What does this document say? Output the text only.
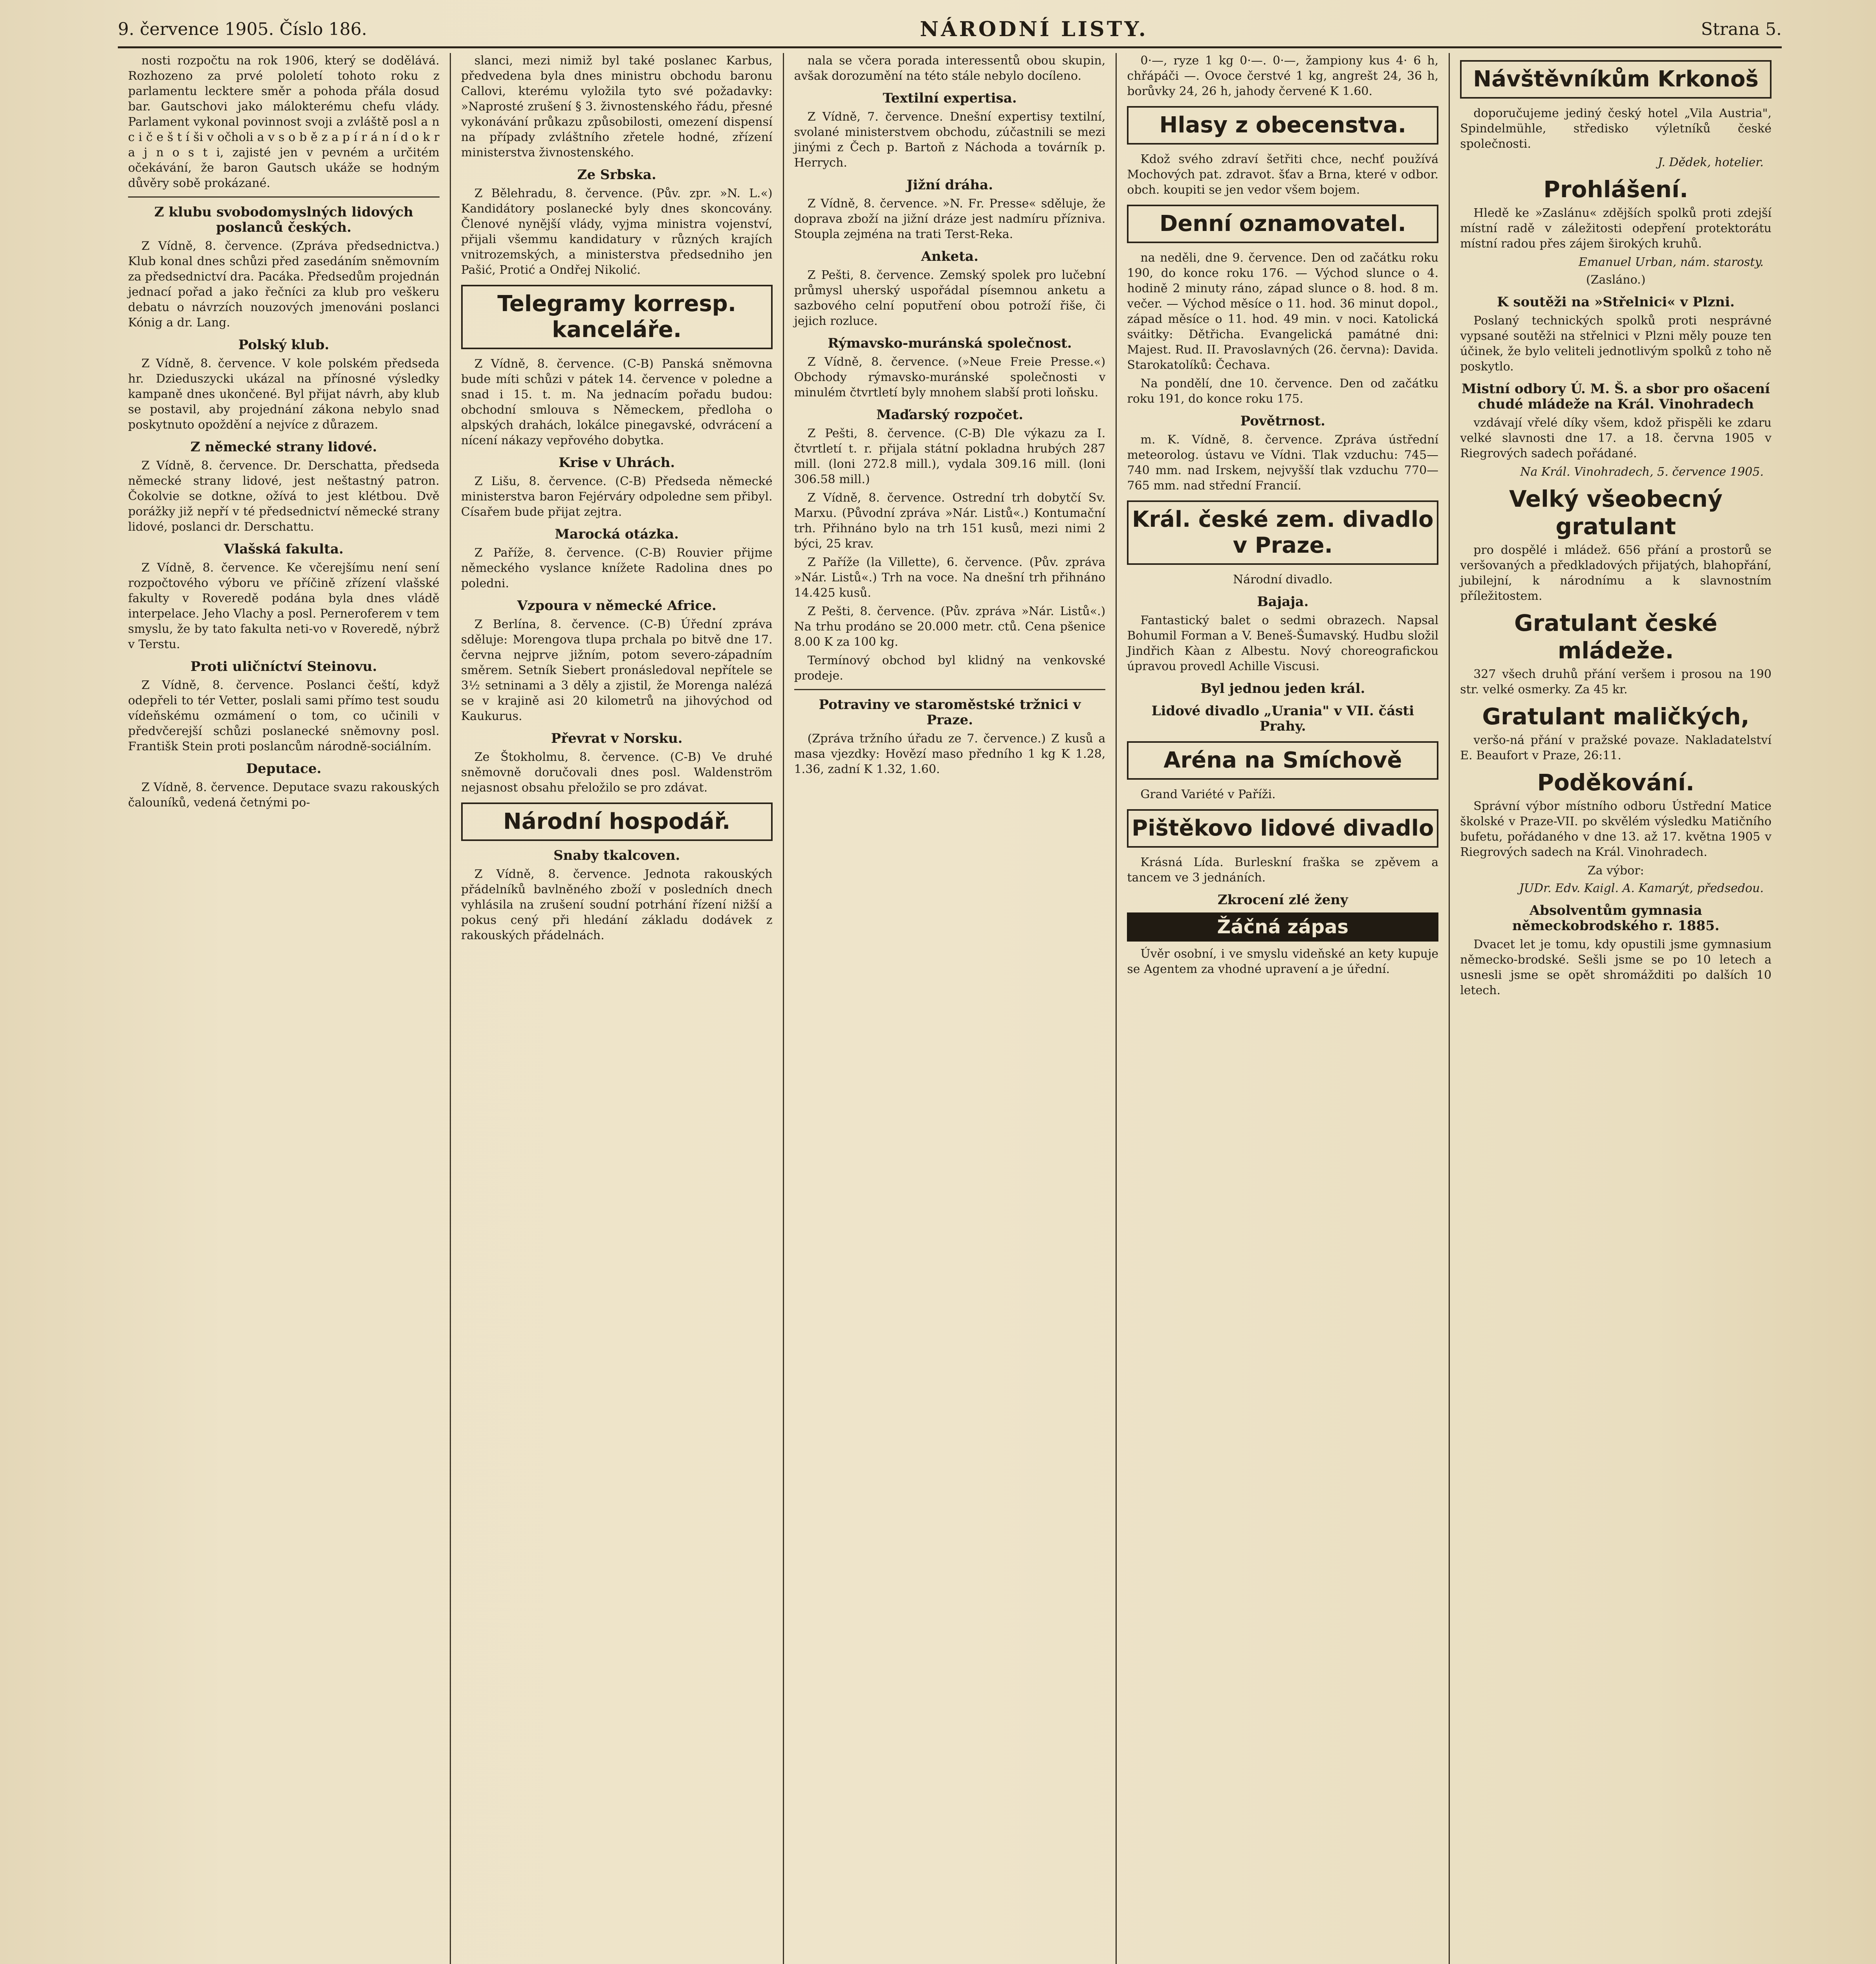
9. července 1905. Číslo 186.	NÁRODNÍ LISTY.	Strana 5.

nosti rozpočtu na rok 1906, který se dodělává. Rozhozeno za prvé pololetí tohoto roku z parlamentu lecktere směr a pohoda přála dosud bar. Gautschovi jako málokterému chefu vlády. Parlament vykonal povinnost svoji a zvláště posl a n c i č e š t í ši v očholi a v s o b ě z a p í r á n í d o k r a j n o s t i, zajisté jen v pevném a určitém očekávání, že baron Gautsch ukáže se hodným důvěry sobě prokázané.

Z klubu svobodomyslných lidových poslanců českých.

Z Vídně, 8. července. (Zpráva předsednictva.) Klub konal dnes schůzi před zasedáním sněmovním za předsednictví dra. Pacáka. Předsedům projednán jednací pořad a jako řečníci za klub pro veškeru debatu o návrzích nouzových jmenováni poslanci Kónig a dr. Lang.

Polský klub.

Z Vídně, 8. července. V kole polském předseda hr. Dzieduszycki ukázal na přínosné výsledky kampaně dnes ukončené. Byl přijat návrh, aby klub se postavil, aby projednání zákona nebylo snad poskytnuto opoždění a nejvíce z důrazem.

Z německé strany lidové.

Z Vídně, 8. července. Dr. Derschatta, předseda německé strany lidové, jest neštastný patron. Čokolvie se dotkne, ožívá to jest klétbou. Dvě porážky již nepří v té předsednictví německé strany lidové, poslanci dr. Derschattu.

Vlašská fakulta.

Z Vídně, 8. července. Ke včerejšímu není sení rozpočtového výboru ve příčině zřízení vlašské fakulty v Roveredě podána byla dnes vládě interpelace. Jeho Vlachy a posl. Perneroferem v tem smyslu, že by tato fakulta neti-vo v Roveredě, nýbrž v Terstu.

Proti uličníctví Steinovu.

Z Vídně, 8. července. Poslanci čeští, když odepřeli to tér Vetter, poslali sami přímo test soudu vídeňskému ozmámení o tom, co učinili v předvčerejší schůzi poslanecké sněmovny posl. Františk Stein proti poslancům národně-sociálním.

Deputace.

Z Vídně, 8. července. Deputace svazu rakouských čalouníků, vedená četnými po-

slanci, mezi nimiž byl také poslanec Karbus, předvedena byla dnes ministru obchodu baronu Callovi, kterému vyložila tyto své požadavky: »Naprosté zrušení § 3. živnostenského řádu, přesné vykonávání průkazu způsobilosti, omezení dispensí na případy zvláštního zřetele hodné, zřízení ministerstva živnostenského.

Ze Srbska.

Z Bělehradu, 8. července. (Pův. zpr. »N. L.«) Kandidátory poslanecké byly dnes skoncovány. Členové nynější vlády, vyjma ministra vojenství, přijali všemmu kandidatury v různých krajích vnitrozemských, a ministerstva předsedniho jen Pašić, Protić a Ondřej Nikolić.

Telegramy korresp. kanceláře.

Z Vídně, 8. července. (C-B) Panská sněmovna bude míti schůzi v pátek 14. července v poledne a snad i 15. t. m. Na jednacím pořadu budou: obchodní smlouva s Německem, předloha o alpských drahách, lokálce pinegavské, odvrácení a nícení nákazy vepřového dobytka.

Krise v Uhrách.

Z Lišu, 8. července. (C-B) Předseda německé ministerstva baron Fejérváry odpoledne sem přibyl. Císařem bude přijat zejtra.

Marocká otázka.

Z Paříže, 8. července. (C-B) Rouvier přijme německého vyslance knížete Radolina dnes po poledni.

Vzpoura v německé Africe.

Z Berlína, 8. července. (C-B) Úřední zpráva sděluje: Morengova tlupa prchala po bitvě dne 17. června nejprve jižním, potom severo-západním směrem. Setník Siebert pronásledoval nepřítele se 3½ setninami a 3 děly a zjistil, že Morenga nalézá se v krajině asi 20 kilometrů na jihovýchod od Kaukurus.

Převrat v Norsku.

Ze Štokholmu, 8. července. (C-B) Ve druhé sněmovně doručovali dnes posl. Waldenström nejasnost obsahu přeložilo se pro zdávat.

Národní hospodář.
Snaby tkalcoven.

Z Vídně, 8. července. Jednota rakouských přádelníků bavlněného zboží v posledních dnech vyhlásila na zrušení soudní potrhání řízení nižší a pokus cený při hledání základu dodávek z rakouských přádelnách.

nala se včera porada interessentů obou skupin, avšak dorozumění na této stále nebylo docíleno.

Textilní expertisa.

Z Vídně, 7. července. Dnešní expertisy textilní, svolané ministerstvem obchodu, zúčastnili se mezi jinými z Čech p. Bartoň z Náchoda a továrník p. Herrych.

Jižní dráha.

Z Vídně, 8. července. »N. Fr. Presse« sděluje, že doprava zboží na jižní dráze jest nadmíru přízniva. Stoupla zejména na trati Terst-Reka.

Anketa.

Z Pešti, 8. července. Zemský spolek pro lučební průmysl uherský uspořádal písemnou anketu a sazbového celní poputření obou potroží řiše, či jejich rozluce.

Rýmavsko-muránská společnost.

Z Vídně, 8. července. (»Neue Freie Presse.«) Obchody rýmavsko-muránské společnosti v minulém čtvrtletí byly mnohem slabší proti loňsku.

Maďarský rozpočet.

Z Pešti, 8. července. (C-B) Dle výkazu za I. čtvrtletí t. r. přijala státní pokladna hrubých 287 mill. (loni 272.8 mill.), vydala 309.16 mill. (loni 306.58 mill.)

Z Vídně, 8. července. Ostrední trh dobytčí Sv. Marxu. (Původní zpráva »Nár. Listů«.) Kontumační trh. Přihnáno bylo na trh 151 kusů, mezi nimi 2 býci, 25 krav.

Z Paříže (la Villette), 6. července. (Pův. zpráva »Nár. Listů«.) Trh na voce. Na dnešní trh přihnáno 14.425 kusů.

Z Pešti, 8. července. (Pův. zpráva »Nár. Listů«.) Na trhu prodáno se 20.000 metr. ctů. Cena pšenice 8.00 K za 100 kg.

Termínový obchod byl klidný na venkovské prodeje.

Potraviny ve staroměstské tržnici v Praze.

(Zpráva tržního úřadu ze 7. července.) Z kusů a masa vjezdky: Hovězí maso předního 1 kg K 1.28, 1.36, zadní K 1.32, 1.60.

0·—, ryze 1 kg 0·—. 0·—, žampiony kus 4· 6 h, chřápáči —. Ovoce čerstvé 1 kg, angrešt 24, 36 h, borůvky 24, 26 h, jahody červené K 1.60.

Hlasy z obecenstva.

Kdož svého zdraví šetřiti chce, nechť používá Mochových pat. zdravot. šťav a Brna, které v odbor. obch. koupiti se jen vedor všem bojem.

Denní oznamovatel.

na neděli, dne 9. července. Den od začátku roku 190, do konce roku 176. — Východ slunce o 4. hodině 2 minuty ráno, západ slunce o 8. hod. 8 m. večer. — Východ měsíce o 11. hod. 36 minut dopol., západ měsíce o 11. hod. 49 min. v noci. Katolická sváitky: Dětřicha. Evangelická památné dni: Majest. Rud. II. Pravoslavných (26. června): Davida. Starokatolíků: Čechava.

Na pondělí, dne 10. července. Den od začátku roku 191, do konce roku 175.

Povětrnost.

m. K. Vídně, 8. července. Zpráva ústřední meteorolog. ústavu ve Vídni. Tlak vzduchu: 745—740 mm. nad Irskem, nejvyšší tlak vzduchu 770—765 mm. nad střední Francií.

Král. české zem. divadlo v Praze.
Národní divadlo.
Bajaja.

Fantastický balet o sedmi obrazech. Napsal Bohumil Forman a V. Beneš-Šumavský. Hudbu složil Jindřich Kàan z Albestu. Nový choreografickou úpravou provedl Achille Viscusi.

Byl jednou jeden král.
Lidové divadlo „Urania" v VII. části Prahy.
Aréna na Smíchově

Grand Variété v Paříži.

Pištěkovo lidové divadlo

Krásná Lída. Burleskní fraška se zpěvem a tancem ve 3 jednáních.

Zkrocení zlé ženy
Žáčná zápas

Úvěr osobní, i ve smyslu videňské an kety kupuje se Agentem za vhodné upravení a je úřední.

Návštěvníkům Krkonoš

doporučujeme jediný český hotel „Vila Austria", Spindelmühle, středisko výletníků české společnosti.

J. Dědek, hotelier.
Prohlášení.

Hledě ke »Zaslánu« zdějších spolků proti zdejší místní radě v záležitosti odepření protektorátu místní radou přes zájem širokých kruhů.

Emanuel Urban, nám. starosty.
(Zasláno.)
K soutěži na »Střelnici« v Plzni.

Poslaný technických spolků proti nesprávné vypsané soutěži na střelnici v Plzni měly pouze ten účinek, že bylo veliteli jednotlivým spolků z toho ně poskytlo.

Mistní odbory Ú. M. Š. a sbor pro ošacení chudé mládeže na Král. Vinohradech

vzdávají vřelé díky všem, kdož přispěli ke zdaru velké slavnosti dne 17. a 18. června 1905 v Riegrových sadech pořádané.

Na Král. Vinohradech, 5. července 1905.
Velký všeobecný gratulant

pro dospělé i mládež. 656 přání a prostorů se veršovaných a předkladových přijatých, blahopřání, jubilejní, k národnímu a k slavnostním příležitostem.

Gratulant české mládeže.

327 všech druhů přání veršem i prosou na 190 str. velké osmerky. Za 45 kr.

Gratulant maličkých,

veršo-ná přání v pražské povaze. Nakladatelství E. Beaufort v Praze, 26:11.

Poděkování.

Správní výbor místního odboru Ústřední Matice školské v Praze-VII. po skvělém výsledku Matičního bufetu, pořádaného v dne 13. až 17. května 1905 v Riegrových sadech na Král. Vinohradech.

Za výbor:
JUDr. Edv. Kaigl. A. Kamarýt, předsedou.
Absolventům gymnasia německobrodského r. 1885.

Dvacet let je tomu, kdy opustili jsme gymnasium německo-brodské. Sešli jsme se po 10 letech a usnesli jsme se opět shromážditi po dalších 10 letech.
